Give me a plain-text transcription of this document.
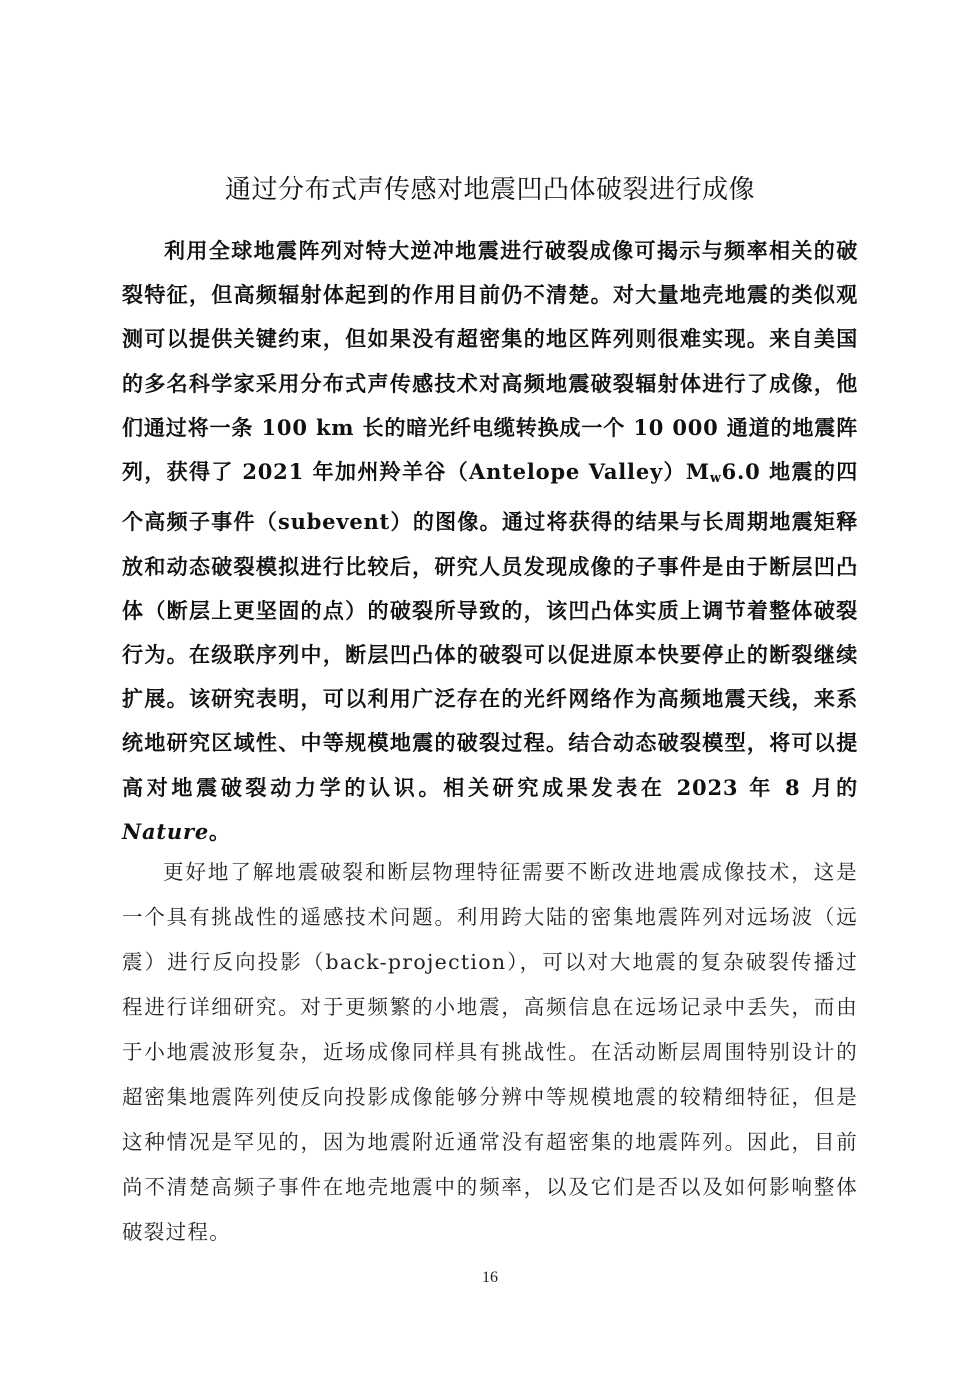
通过分布式声传感对地震凹凸体破裂进行成像

利用全球地震阵列对特大逆冲地震进行破裂成像可揭示与频率相关的破裂特征，但高频辐射体起到的作用目前仍不清楚。对大量地壳地震的类似观测可以提供关键约束，但如果没有超密集的地区阵列则很难实现。来自美国的多名科学家采用分布式声传感技术对高频地震破裂辐射体进行了成像，他们通过将一条 100 km 长的暗光纤电缆转换成一个 10 000 通道的地震阵列，获得了 2021 年加州羚羊谷（Antelope $Valley)M_w6.0$ 地震的四个高频子事件（subevent）的图像。通过将获得的结果与长周期地震矩释放和动态破裂模拟进行比较后，研究人员发现成像的子事件是由于断层凹凸体（断层上更坚固的点）的破裂所导致的，该凹凸体实质上调节着整体破裂行为。在级联序列中，断层凹凸体的破裂可以促进原本快要停止的断裂继续扩展。该研究表明，可以利用广泛存在的光纤网络作为高频地震天线，来系统地研究区域性、中等规模地震的破裂过程。结合动态破裂模型，将可以提高对地震破裂动力学的认识。相关研究成果发表在 2023 年 8 月的 Nature。

更好地了解地震破裂和断层物理特征需要不断改进地震成像技术，这是一个具有挑战性的遥感技术问题。利用跨大陆的密集地震阵列对远场波（远震）进行反向投影（back-projection），可以对大地震的复杂破裂传播过程进行详细研究。对于更频繁的小地震，高频信息在远场记录中丢失，而由于小地震波形复杂，近场成像同样具有挑战性。在活动断层周围特别设计的超密集地震阵列使反向投影成像能够分辨中等规模地震的较精细特征，但是这种情况是罕见的，因为地震附近通常没有超密集的地震阵列。因此，目前尚不清楚高频子事件在地壳地震中的频率，以及它们是否以及如何影响整体破裂过程。

16
